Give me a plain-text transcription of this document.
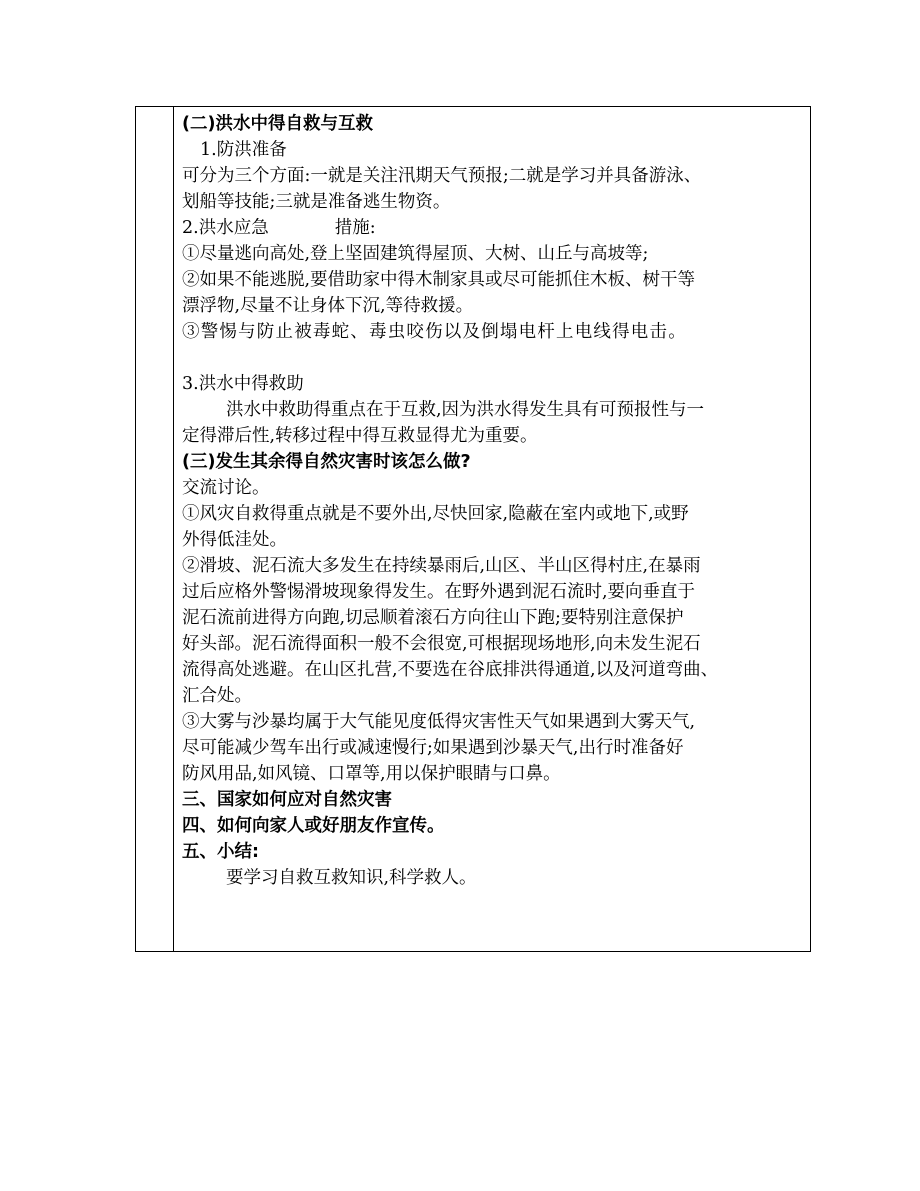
(二)洪水中得自救与互救
1.防洪准备
可分为三个方面:一就是关注汛期天气预报;二就是学习并具备游泳、
划船等技能;三就是准备逃生物资。
2.洪水应急	措施:
①尽量逃向高处,登上坚固建筑得屋顶、大树、山丘与高坡等;
②如果不能逃脱,要借助家中得木制家具或尽可能抓住木板、树干等
漂浮物,尽量不让身体下沉,等待救援。
③警惕与防止被毒蛇、毒虫咬伤以及倒塌电杆上电线得电击。
3.洪水中得救助
洪水中救助得重点在于互救,因为洪水得发生具有可预报性与一
定得滞后性,转移过程中得互救显得尤为重要。
(三)发生其余得自然灾害时该怎么做?
交流讨论。
①风灾自救得重点就是不要外出,尽快回家,隐蔽在室内或地下,或野
外得低洼处。
②滑坡、泥石流大多发生在持续暴雨后,山区、半山区得村庄,在暴雨
过后应格外警惕滑坡现象得发生。在野外遇到泥石流时,要向垂直于
泥石流前进得方向跑,切忌顺着滚石方向往山下跑;要特别注意保护
好头部。泥石流得面积一般不会很宽,可根据现场地形,向未发生泥石
流得高处逃避。在山区扎营,不要选在谷底排洪得通道,以及河道弯曲、
汇合处。
③大雾与沙暴均属于大气能见度低得灾害性天气如果遇到大雾天气,
尽可能减少驾车出行或减速慢行;如果遇到沙暴天气,出行时准备好
防风用品,如风镜、口罩等,用以保护眼睛与口鼻。
三、国家如何应对自然灾害
四、如何向家人或好朋友作宣传。
五、小结:
要学习自救互救知识,科学救人。
